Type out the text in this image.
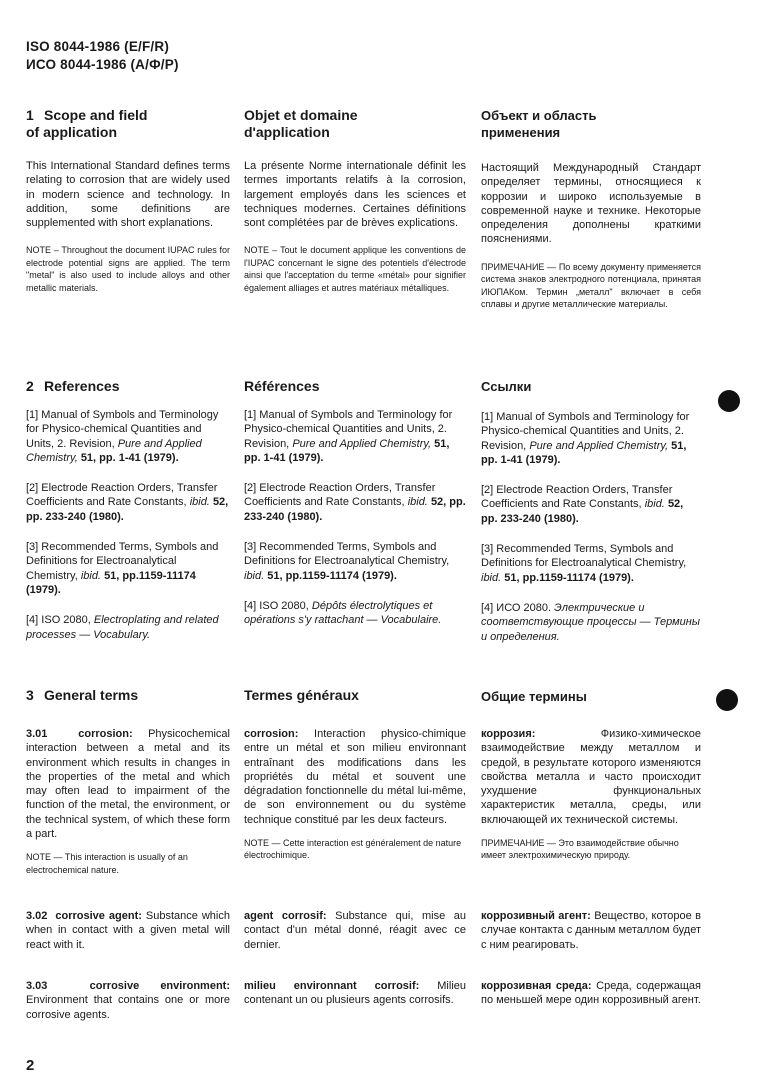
ISO 8044-1986 (E/F/R)
ИСО 8044-1986 (A/Ф/P)
1 Scope and field
of application

This International Standard defines terms relating to corrosion that are widely used in modern science and technology. In addition, some definitions are supplemented with short explanations.

NOTE – Throughout the document IUPAC rules for electrode potential signs are applied. The term "metal" is also used to include alloys and other metallic materials.

Objet et domaine
d'application

La présente Norme internationale définit les termes importants relatifs à la corrosion, largement employés dans les sciences et techniques modernes. Certaines définitions sont complétées par de brèves explications.

NOTE – Tout le document applique les conventions de l'IUPAC concernant le signe des potentiels d'électrode ainsi que l'acceptation du terme «métal» pour signifier également alliages et autres matériaux métalliques.

Объект и область
применения

Настоящий Международный Стандарт определяет термины, относящиеся к коррозии и широко используемые в современной науке и технике. Некоторые определения дополнены краткими пояснениями.

ПРИМЕЧАНИЕ — По всему документу применяется система знаков электродного потенциала, принятая ИЮПАКом. Термин „металл" включает в себя сплавы и другие металлические материалы.

2 References

[1] Manual of Symbols and Terminology for Physico-chemical Quantities and Units, 2. Revision, Pure and Applied Chemistry, 51, pp. 1-41 (1979).

[2] Electrode Reaction Orders, Transfer Coefficients and Rate Constants, ibid. 52, pp. 233-240 (1980).

[3] Recommended Terms, Symbols and Definitions for Electroanalytical Chemistry, ibid. 51, pp.1159-11174 (1979).

[4] ISO 2080, Electroplating and related processes — Vocabulary.

Références

[1] Manual of Symbols and Terminology for Physico-chemical Quantities and Units, 2. Revision, Pure and Applied Chemistry, 51, pp. 1-41 (1979).

[2] Electrode Reaction Orders, Transfer Coefficients and Rate Constants, ibid. 52, pp. 233-240 (1980).

[3] Recommended Terms, Symbols and Definitions for Electroanalytical Chemistry, ibid. 51, pp.1159-11174 (1979).

[4] ISO 2080, Dépôts électrolytiques et opérations s'y rattachant — Vocabulaire.

Ссылки

[1] Manual of Symbols and Terminology for Physico-chemical Quantities and Units, 2. Revision, Pure and Applied Chemistry, 51, pp. 1-41 (1979).

[2] Electrode Reaction Orders, Transfer Coefficients and Rate Constants, ibid. 52, pp. 233-240 (1980).

[3] Recommended Terms, Symbols and Definitions for Electroanalytical Chemistry, ibid. 51, pp.1159-11174 (1979).

[4] ИСО 2080. Электрические и соответствующие процессы — Термины и определения.

3 General terms	Termes généraux	Общие термины

3.01	corrosion: Physicochemical interaction between a metal and its environment which results in changes in the properties of the metal and which may often lead to impairment of the function of the metal, the environment, or the technical system, of which these form a part.

NOTE — This interaction is usually of an electrochemical nature.

corrosion: Interaction physico-chimique entre un métal et son milieu environnant entraînant des modifications dans les propriétés du métal et souvent une dégradation fonctionnelle du métal lui-même, de son environnement ou du système technique constitué par les deux facteurs.

NOTE — Cette interaction est généralement de nature électrochimique.

коррозия:	Физико-химическое взаимодействие между металлом и средой, в результате которого изменяются свойства металла и часто происходит ухудшение функциональных характеристик металла, среды, или включающей их технической системы.

ПРИМЕЧАНИЕ — Это взаимодействие обычно имеет электрохимическую природу.

3.02 corrosive agent: Substance which when in contact with a given metal will react with it.

agent corrosif: Substance qui, mise au contact d'un métal donné, réagit avec ce dernier.

коррозивный агент: Вещество, которое в случае контакта с данным металлом будет с ним реагировать.

3.03	corrosive environment: Environment that contains one or more corrosive agents.

milieu environnant corrosif: Milieu contenant un ou plusieurs agents corrosifs.

коррозивная среда: Среда, содержащая по меньшей мере один коррозивный агент.

2
